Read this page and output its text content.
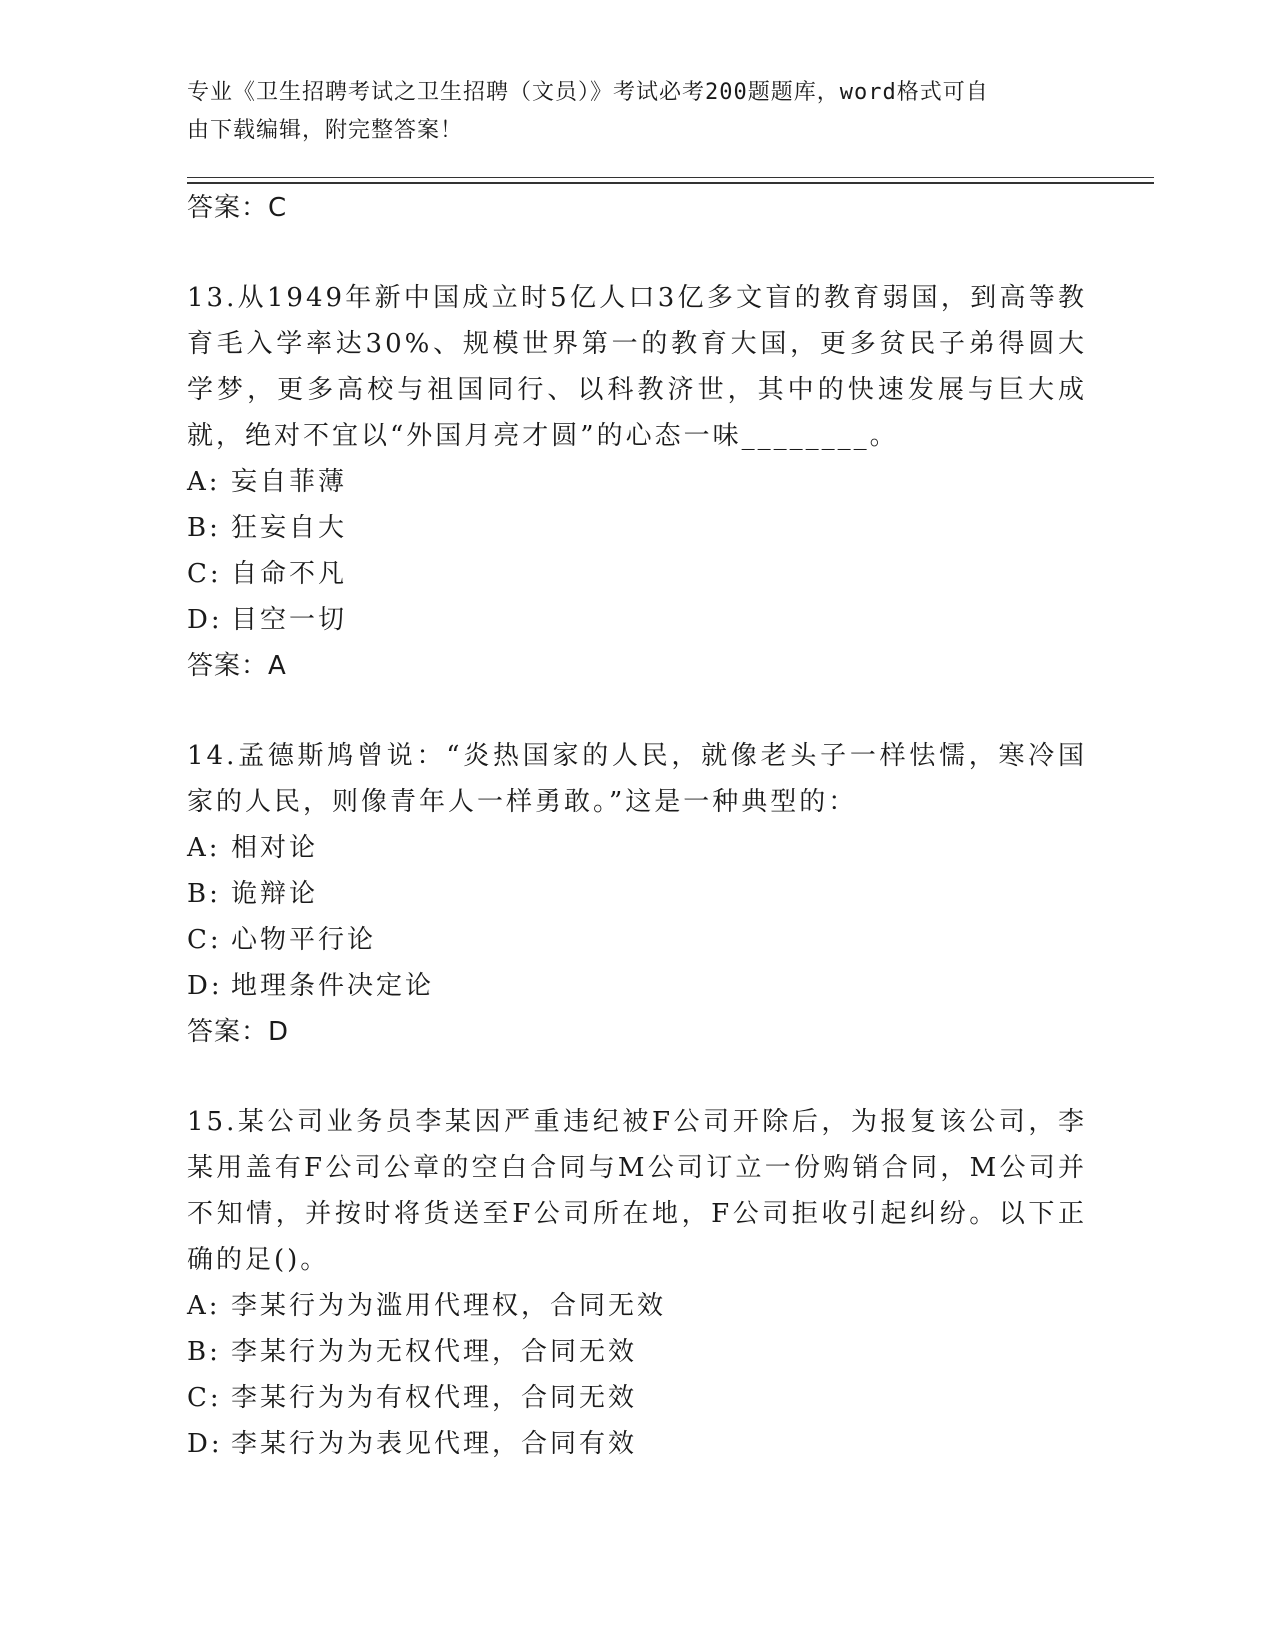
专业《卫生招聘考试之卫生招聘（文员）》考试必考200题题库，word格式可自
由下载编辑，附完整答案！

答案：C

13.从1949年新中国成立时5亿人口3亿多文盲的教育弱国，到高等教育毛入学率达30%、规模世界第一的教育大国，更多贫民子弟得圆大学梦，更多高校与祖国同行、以科教济世，其中的快速发展与巨大成就，绝对不宜以“外国月亮才圆”的心态一味________。

A: 妄自菲薄
B: 狂妄自大
C: 自命不凡
D: 目空一切

答案：A

14.孟德斯鸠曾说：“炎热国家的人民，就像老头子一样怯懦，寒冷国家的人民，则像青年人一样勇敢。”这是一种典型的：

A: 相对论
B: 诡辩论
C: 心物平行论
D: 地理条件决定论

答案：D

15.某公司业务员李某因严重违纪被F公司开除后，为报复该公司，李某用盖有F公司公章的空白合同与M公司订立一份购销合同，M公司并不知情，并按时将货送至F公司所在地，F公司拒收引起纠纷。以下正确的足()。

A: 李某行为为滥用代理权，合同无效
B: 李某行为为无权代理，合同无效
C: 李某行为为有权代理，合同无效
D: 李某行为为表见代理，合同有效
